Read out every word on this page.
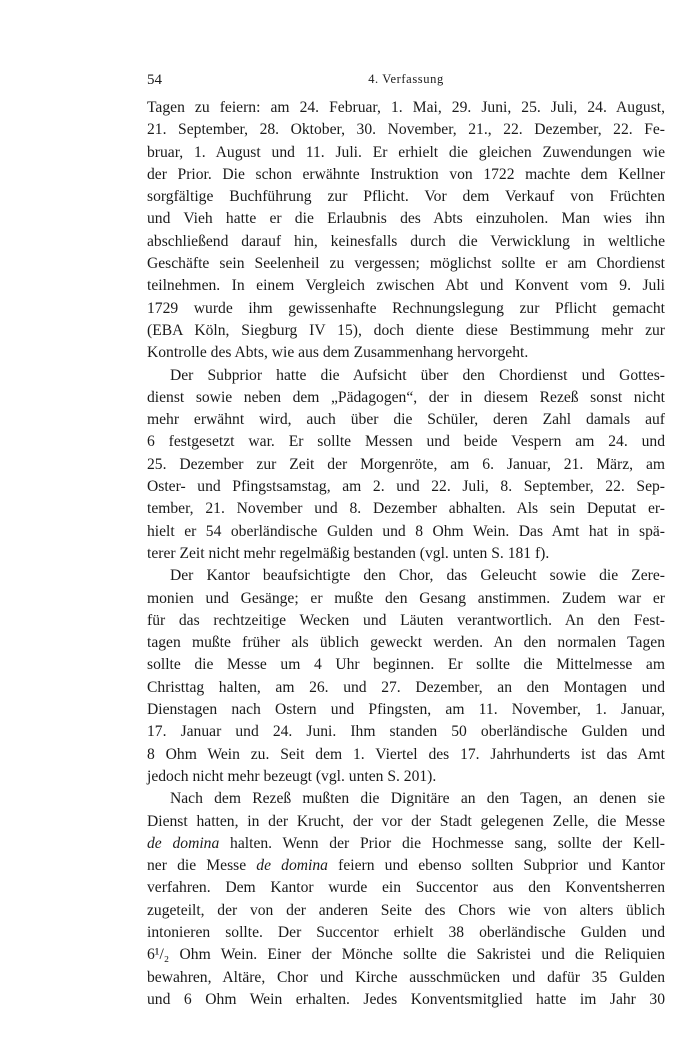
54	4. Verfassung

Tagen zu feiern: am 24. Februar, 1. Mai, 29. Juni, 25. Juli, 24. August,
21. September, 28. Oktober, 30. November, 21., 22. Dezember, 22. Fe-
bruar, 1. August und 11. Juli. Er erhielt die gleichen Zuwendungen wie
der Prior. Die schon erwähnte Instruktion von 1722 machte dem Kellner
sorgfältige Buchführung zur Pflicht. Vor dem Verkauf von Früchten
und Vieh hatte er die Erlaubnis des Abts einzuholen. Man wies ihn
abschließend darauf hin, keinesfalls durch die Verwicklung in weltliche
Geschäfte sein Seelenheil zu vergessen; möglichst sollte er am Chordienst
teilnehmen. In einem Vergleich zwischen Abt und Konvent vom 9. Juli
1729 wurde ihm gewissenhafte Rechnungslegung zur Pflicht gemacht
(EBA Köln, Siegburg IV 15), doch diente diese Bestimmung mehr zur
Kontrolle des Abts, wie aus dem Zusammenhang hervorgeht.

Der Subprior hatte die Aufsicht über den Chordienst und Gottes-
dienst sowie neben dem „Pädagogen“, der in diesem Rezeß sonst nicht
mehr erwähnt wird, auch über die Schüler, deren Zahl damals auf
6 festgesetzt war. Er sollte Messen und beide Vespern am 24. und
25. Dezember zur Zeit der Morgenröte, am 6. Januar, 21. März, am
Oster- und Pfingstsamstag, am 2. und 22. Juli, 8. September, 22. Sep-
tember, 21. November und 8. Dezember abhalten. Als sein Deputat er-
hielt er 54 oberländische Gulden und 8 Ohm Wein. Das Amt hat in spä-
terer Zeit nicht mehr regelmäßig bestanden (vgl. unten S. 181 f).

Der Kantor beaufsichtigte den Chor, das Geleucht sowie die Zere-
monien und Gesänge; er mußte den Gesang anstimmen. Zudem war er
für das rechtzeitige Wecken und Läuten verantwortlich. An den Fest-
tagen mußte früher als üblich geweckt werden. An den normalen Tagen
sollte die Messe um 4 Uhr beginnen. Er sollte die Mittelmesse am
Christtag halten, am 26. und 27. Dezember, an den Montagen und
Dienstagen nach Ostern und Pfingsten, am 11. November, 1. Januar,
17. Januar und 24. Juni. Ihm standen 50 oberländische Gulden und
8 Ohm Wein zu. Seit dem 1. Viertel des 17. Jahrhunderts ist das Amt
jedoch nicht mehr bezeugt (vgl. unten S. 201).

Nach dem Rezeß mußten die Dignitäre an den Tagen, an denen sie
Dienst hatten, in der Krucht, der vor der Stadt gelegenen Zelle, die Messe
de domina halten. Wenn der Prior die Hochmesse sang, sollte der Kell-
ner die Messe de domina feiern und ebenso sollten Subprior und Kantor
verfahren. Dem Kantor wurde ein Succentor aus den Konventsherren
zugeteilt, der von der anderen Seite des Chors wie von alters üblich
intonieren sollte. Der Succentor erhielt 38 oberländische Gulden und
6¹/₂ Ohm Wein. Einer der Mönche sollte die Sakristei und die Reliquien
bewahren, Altäre, Chor und Kirche ausschmücken und dafür 35 Gulden
und 6 Ohm Wein erhalten. Jedes Konventsmitglied hatte im Jahr 30
